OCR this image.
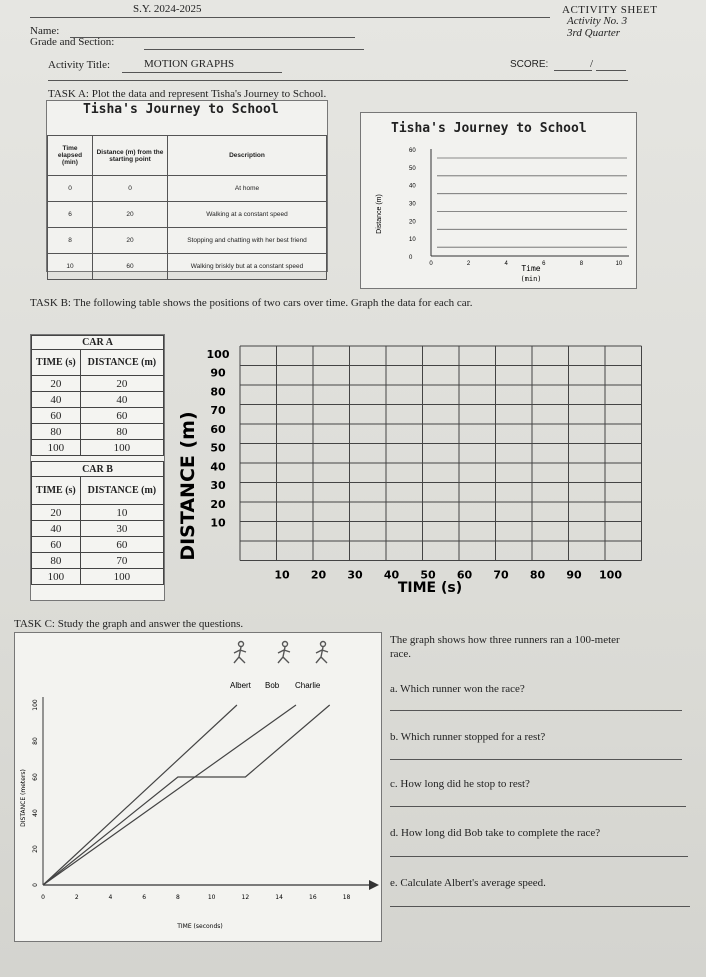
S.Y. 2024-2025	ACTIVITY SHEET
Activity No. 3
3rd Quarter
Name:
Grade and Section:
Activity Title:	MOTION GRAPHS	SCORE:	/
TASK A: Plot the data and represent Tisha's Journey to School.
Tisha's Journey to School
Time elapsed (min)	Distance (m) from the starting point	Description
0	0	At home
6	20	Walking at a constant speed
8	20	Stopping and chatting with her best friend
10	60	Walking briskly but at a constant speed
Tisha's Journey to School
60
50
40
30
20
10
0
0	2	4	6	8	10
Distance (m)
Time
(min)
TASK B: The following table shows the positions of two cars over time. Graph the data for each car.
CAR A	
TIME (s)	DISTANCE (m)
20	20
40	40
60	60
80	80
100	100
CAR B	
TIME (s)	DISTANCE (m)
20	10
40	30
60	60
80	70
100	100
100
90
80
70
60
50
40
30
20
10
10 20 30 40 50 60 70 80 90 100
DISTANCE (m)
TIME (s)
TASK C: Study the graph and answer the questions.
Albert Bob Charlie
100
80
60
40
20
0
0	2	4	6	8	10	12	14	16	18
DISTANCE (meters)
TIME (seconds)
The graph shows how three runners ran a 100-meter
race.
a. Which runner won the race?
b. Which runner stopped for a rest?
c. How long did he stop to rest?
d. How long did Bob take to complete the race?
e. Calculate Albert's average speed.
